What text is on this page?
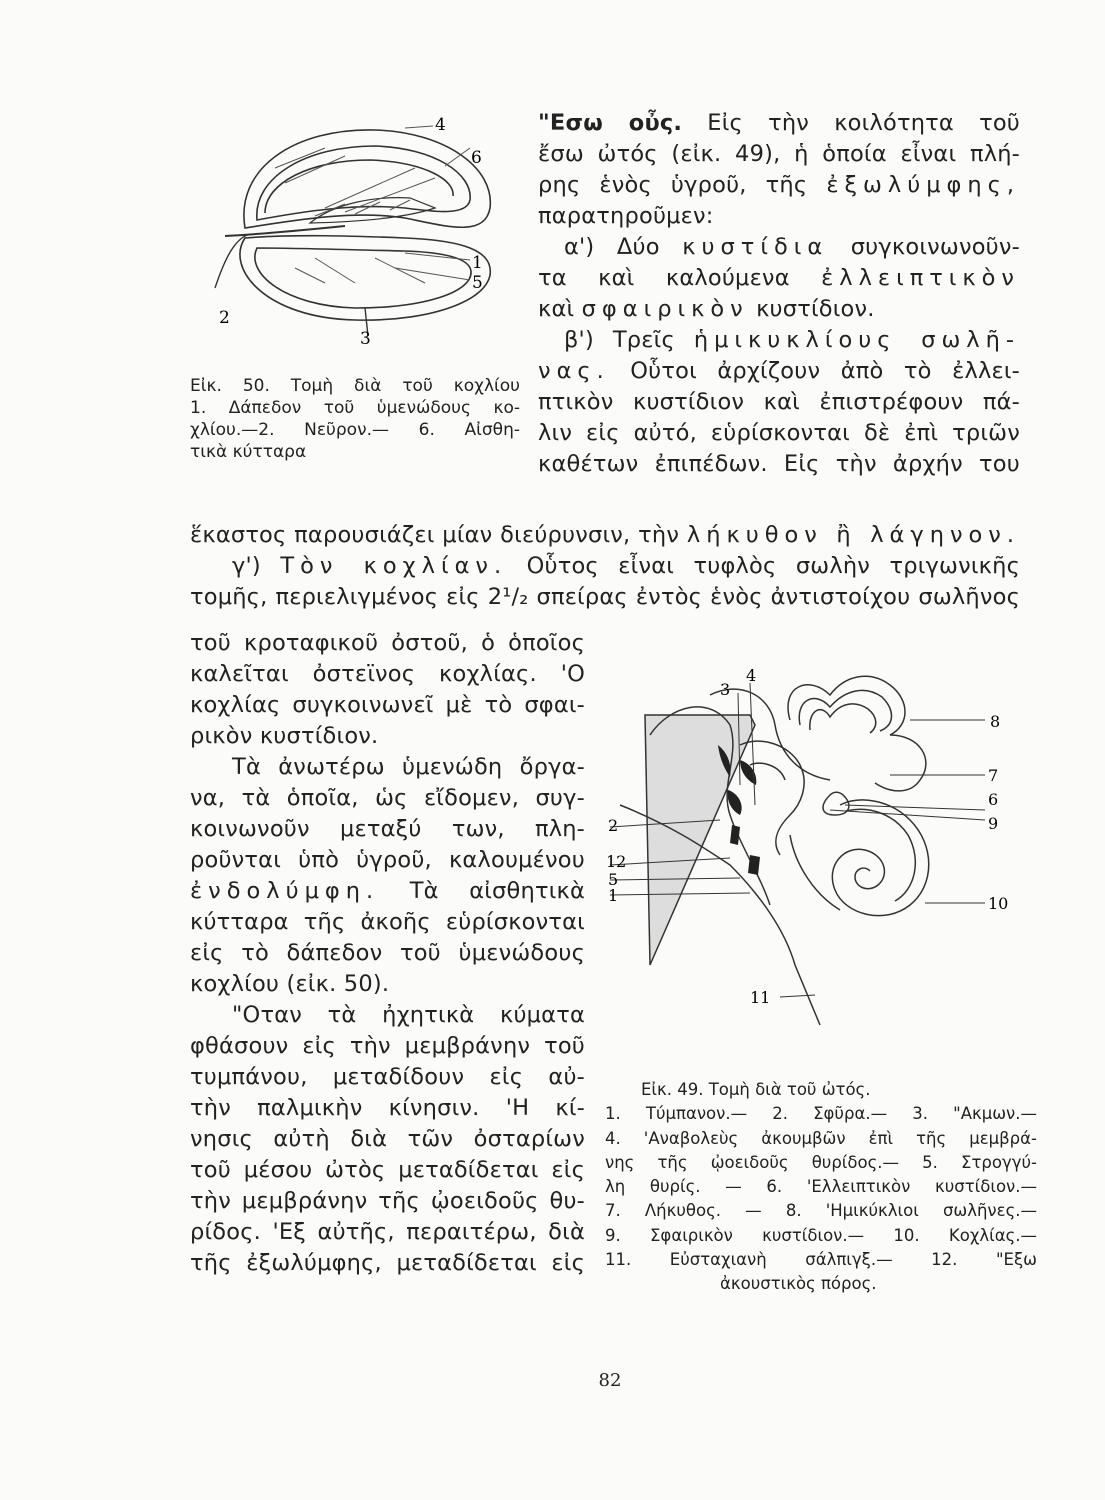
4
6
1
5
2
3
Εἰκ. 50. Τομὴ διὰ τοῦ κοχλίου
1. Δάπεδον τοῦ ὑμενώδους κο-
χλίου.—2. Νεῦρον.— 6. Αἰσθη-
τικὰ κύτταρα
"Εσω οὖς. Εἰς τὴν κοιλότητα τοῦ
ἔσω ὠτός (εἰκ. 49), ἡ ὁποία εἶναι πλή-
ρης ἑνὸς ὑγροῦ, τῆς ἐξωλύμφης,
παρατηροῦμεν:
α') Δύο κυστίδια συγκοινωνοῦν-
τα καὶ καλούμενα ἐλλειπτικὸν
καὶ σφαιρικὸν κυστίδιον.
β') Τρεῖς ἡμικυκλίους σωλῆ-
νας. Οὗτοι ἀρχίζουν ἀπὸ τὸ ἐλλει-
πτικὸν κυστίδιον καὶ ἐπιστρέφουν πά-
λιν εἰς αὐτό, εὑρίσκονται δὲ ἐπὶ τριῶν
καθέτων ἐπιπέδων. Εἰς τὴν ἀρχήν του
ἕκαστος παρουσιάζει μίαν διεύρυνσιν, τὴν λήκυθον ἢ λάγηνον.
γ') Τὸν κοχλίαν. Οὗτος εἶναι τυφλὸς σωλὴν τριγωνικῆς
τομῆς, περιελιγμένος εἰς 2¹/₂ σπείρας ἐντὸς ἑνὸς ἀντιστοίχου σωλῆνος
τοῦ κροταφικοῦ ὀστοῦ, ὁ ὁποῖος
καλεῖται ὀστεϊνος κοχλίας. 'Ο
κοχλίας συγκοινωνεῖ μὲ τὸ σφαι-
ρικὸν κυστίδιον.
Τὰ ἀνωτέρω ὑμενώδη ὄργα-
να, τὰ ὁποῖα, ὡς εἴδομεν, συγ-
κοινωνοῦν μεταξύ των, πλη-
ροῦνται ὑπὸ ὑγροῦ, καλουμένου
ἐνδολύμφη. Τὰ αἰσθητικὰ
κύτταρα τῆς ἀκοῆς εὑρίσκονται
εἰς τὸ δάπεδον τοῦ ὑμενώδους
κοχλίου (εἰκ. 50).
"Οταν τὰ ἠχητικὰ κύματα
φθάσουν εἰς τὴν μεμβράνην τοῦ
τυμπάνου, μεταδίδουν εἰς αὐ-
τὴν παλμικὴν κίνησιν. 'Η κί-
νησις αὐτὴ διὰ τῶν ὀσταρίων
τοῦ μέσου ὠτὸς μεταδίδεται εἰς
τὴν μεμβράνην τῆς ᾠοειδοῦς θυ-
ρίδος. 'Εξ αὐτῆς, περαιτέρω, διὰ
τῆς ἐξωλύμφης, μεταδίδεται εἰς
3
4
8
7
6
9
2
12
5
1	10
11
Εἰκ. 49. Τομὴ διὰ τοῦ ὠτός.
1. Τύμπανον.— 2. Σφῦρα.— 3. "Ακμων.—
4. 'Αναβολεὺς ἀκουμβῶν ἐπὶ τῆς μεμβρά-
νης τῆς ᾠοειδοῦς θυρίδος.— 5. Στρογγύ-
λη θυρίς. — 6. 'Ελλειπτικὸν κυστίδιον.—
7. Λήκυθος. — 8. 'Ημικύκλιοι σωλῆνες.—
9. Σφαιρικὸν κυστίδιον.— 10. Κοχλίας.—
11. Εὐσταχιανὴ σάλπιγξ.— 12. "Εξω
ἀκουστικὸς πόρος.
82
